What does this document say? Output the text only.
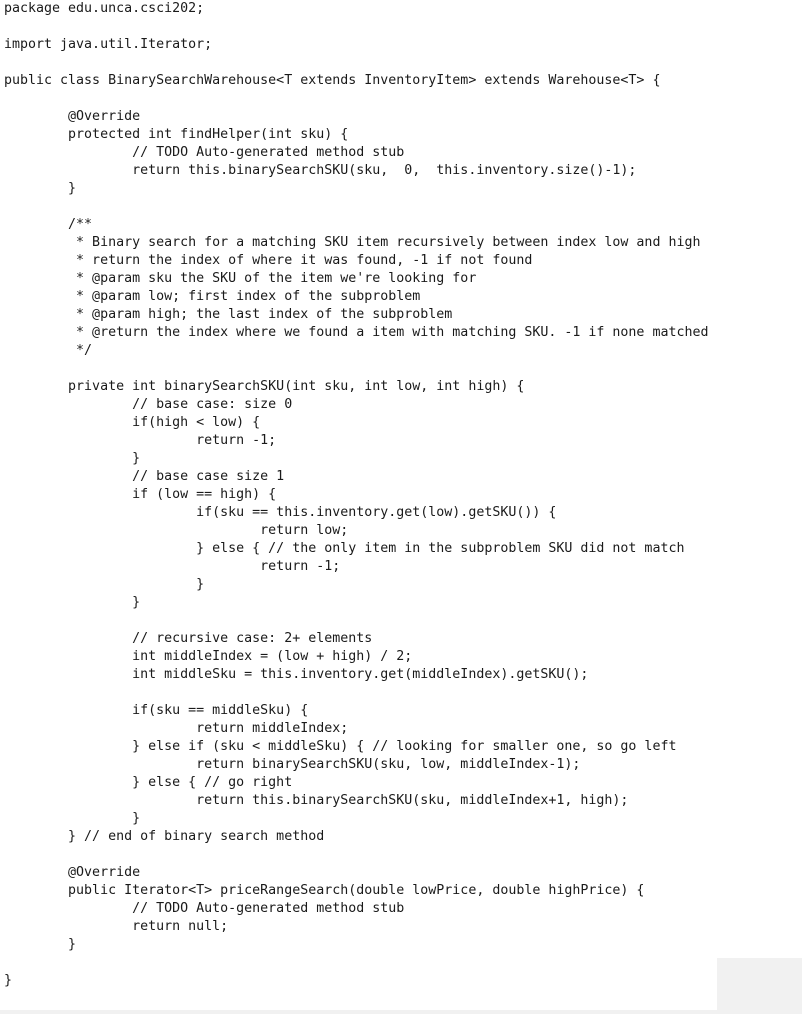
package edu.unca.csci202;
import java.util.Iterator;
public class BinarySearchWarehouse<T extends InventoryItem> extends Warehouse<T> {
@Override
protected int findHelper(int sku) {
// TODO Auto-generated method stub
return this.binarySearchSKU(sku,  0,  this.inventory.size()-1);
}
/**
* Binary search for a matching SKU item recursively between index low and high
* return the index of where it was found, -1 if not found
* @param sku the SKU of the item we're looking for
* @param low; first index of the subproblem
* @param high; the last index of the subproblem
* @return the index where we found a item with matching SKU. -1 if none matched
*/
private int binarySearchSKU(int sku, int low, int high) {
// base case: size 0
if(high < low) {
return -1;
}
// base case size 1
if (low == high) {
if(sku == this.inventory.get(low).getSKU()) {
return low;
} else { // the only item in the subproblem SKU did not match
return -1;
}
}
// recursive case: 2+ elements
int middleIndex = (low + high) / 2;
int middleSku = this.inventory.get(middleIndex).getSKU();
if(sku == middleSku) {
return middleIndex;
} else if (sku < middleSku) { // looking for smaller one, so go left
return binarySearchSKU(sku, low, middleIndex-1);
} else { // go right
return this.binarySearchSKU(sku, middleIndex+1, high);
}
} // end of binary search method
@Override
public Iterator<T> priceRangeSearch(double lowPrice, double highPrice) {
// TODO Auto-generated method stub
return null;
}
}
